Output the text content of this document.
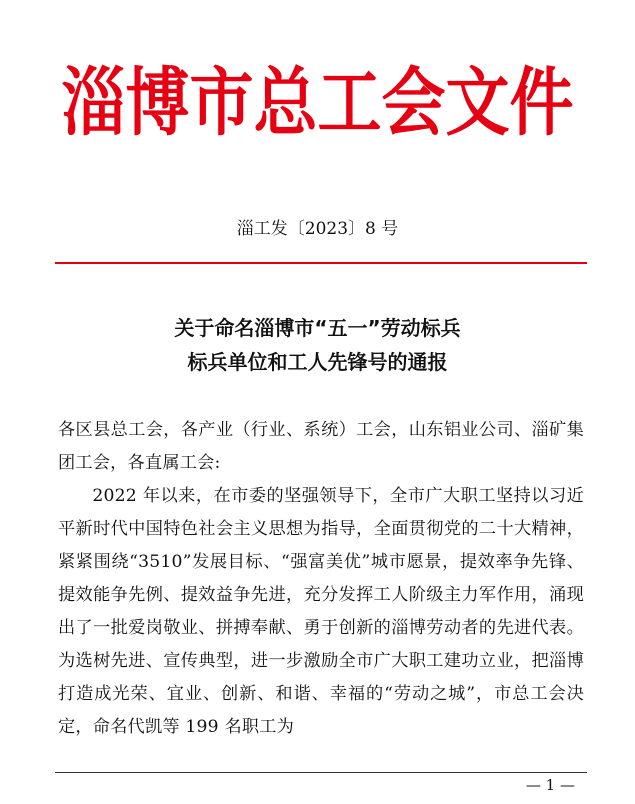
淄博市总工会文件
淄工发〔2023〕8 号
关于命名淄博市“五一”劳动标兵
标兵单位和工人先锋号的通报
各区县总工会，各产业（行业、系统）工会，山东铝业公司、淄矿集团工会，各直属工会:
2022 年以来，在市委的坚强领导下，全市广大职工坚持以习近平新时代中国特色社会主义思想为指导，全面贯彻党的二十大精神，紧紧围绕“3510”发展目标、“强富美优”城市愿景，提效率争先锋、提效能争先例、提效益争先进，充分发挥工人阶级主力军作用，涌现出了一批爱岗敬业、拼搏奉献、勇于创新的淄博劳动者的先进代表。为选树先进、宣传典型，进一步激励全市广大职工建功立业，把淄博打造成光荣、宜业、创新、和谐、幸福的“劳动之城”，市总工会决定，命名代凯等 199 名职工为
— 1 —
